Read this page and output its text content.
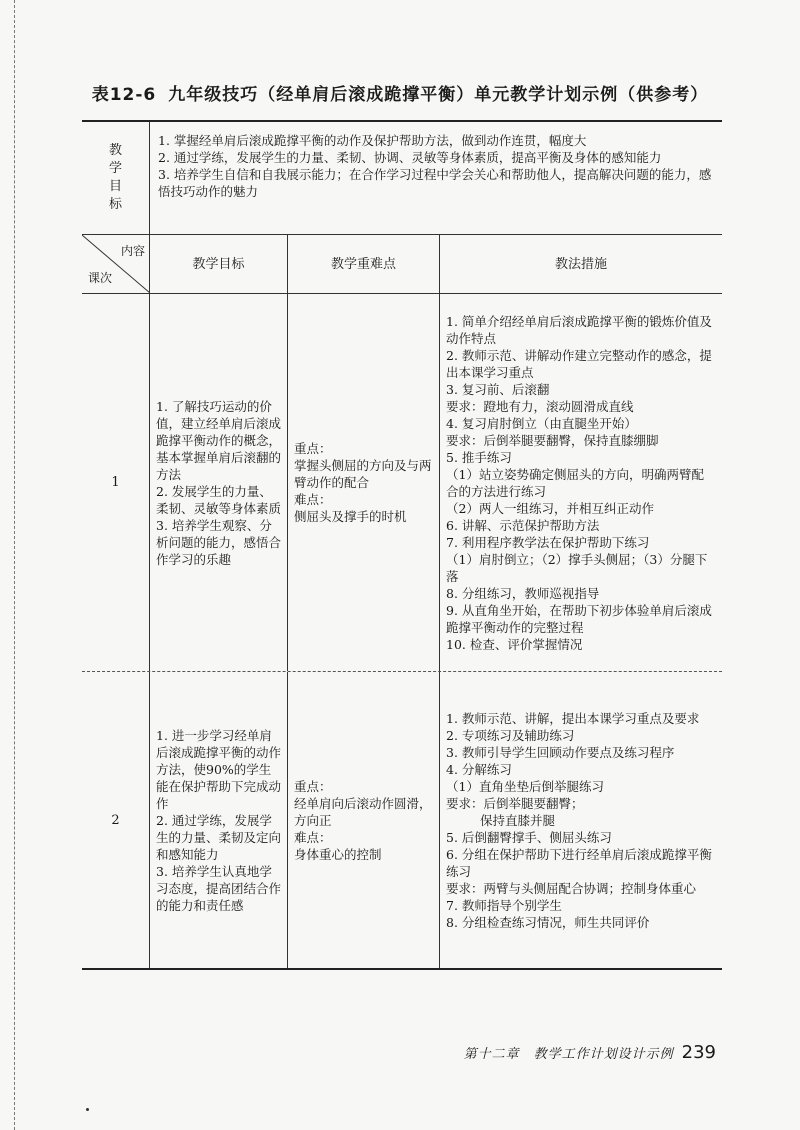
表12-6 九年级技巧（经单肩后滚成跪撑平衡）单元教学计划示例（供参考）
教
学
目
标
1. 掌握经单肩后滚成跪撑平衡的动作及保护帮助方法，做到动作连贯，幅度大
2. 通过学练，发展学生的力量、柔韧、协调、灵敏等身体素质，提高平衡及身体的感知能力
3. 培养学生自信和自我展示能力；在合作学习过程中学会关心和帮助他人，提高解决问题的能力，感悟技巧动作的魅力
内容
课次
教学目标	教学重难点	教法措施
1
1. 了解技巧运动的价值，建立经单肩后滚成跪撑平衡动作的概念，基本掌握单肩后滚翻的方法
2. 发展学生的力量、柔韧、灵敏等身体素质
3. 培养学生观察、分析问题的能力，感悟合作学习的乐趣
重点：
掌握头侧屈的方向及与两臂动作的配合
难点：
侧屈头及撑手的时机
1. 简单介绍经单肩后滚成跪撑平衡的锻炼价值及动作特点
2. 教师示范、讲解动作建立完整动作的感念，提出本课学习重点
3. 复习前、后滚翻
要求：蹬地有力，滚动圆滑成直线
4. 复习肩肘倒立（由直腿坐开始）
要求：后倒举腿要翻臀，保持直膝绷脚
5. 推手练习
（1）站立姿势确定侧屈头的方向，明确两臂配合的方法进行练习
（2）两人一组练习，并相互纠正动作
6. 讲解、示范保护帮助方法
7. 利用程序教学法在保护帮助下练习
（1）肩肘倒立；（2）撑手头侧屈；（3）分腿下落
8. 分组练习，教师巡视指导
9. 从直角坐开始，在帮助下初步体验单肩后滚成跪撑平衡动作的完整过程
10. 检查、评价掌握情况
2
1. 进一步学习经单肩后滚成跪撑平衡的动作方法，使90%的学生能在保护帮助下完成动作
2. 通过学练，发展学生的力量、柔韧及定向和感知能力
3. 培养学生认真地学习态度，提高团结合作的能力和责任感
重点：
经单肩向后滚动作圆滑，方向正
难点：
身体重心的控制
1. 教师示范、讲解，提出本课学习重点及要求
2. 专项练习及辅助练习
3. 教师引导学生回顾动作要点及练习程序
4. 分解练习
（1）直角坐垫后倒举腿练习
要求：后倒举腿要翻臀；
保持直膝并腿
5. 后倒翻臀撑手、侧屈头练习
6. 分组在保护帮助下进行经单肩后滚成跪撑平衡练习
要求：两臂与头侧屈配合协调；控制身体重心
7. 教师指导个别学生
8. 分组检查练习情况，师生共同评价
第十二章　教学工作计划设计示例 239
